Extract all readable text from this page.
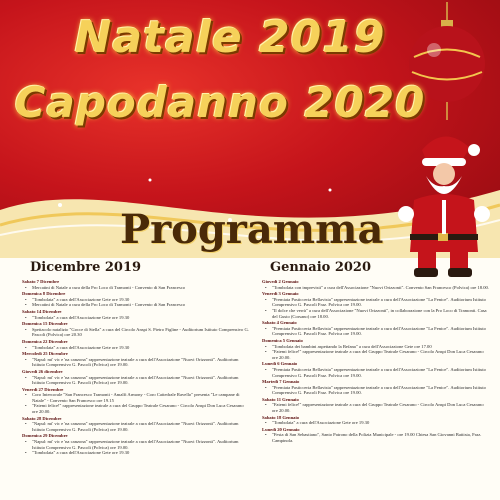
Natale 2019
Capodanno 2020
Programma
Dicembre 2019	Gennaio 2020
Sabato 7 Dicembre
• Mercatini di Natale a cura della Pro Loco di Tramonti - Convento di San Francesco
Domenica 8 Dicembre
• "Tombolata" a cura dell'Associazione Gete ore 19.30
• Mercatini di Natale a cura della Pro Loco di Tramonti - Convento di San Francesco
Sabato 14 Dicembre
• "Tombolata" a cura dell'Associazione Gete ore 19.30
Domenica 15 Dicembre
• Spettacolo natalizio "Gocce di Stella" a cura del Circolo Anspi S. Pietro Figline - Auditorium Istituto Comprensivo G. Pascoli (Polvica) ore 20.30
Domenica 22 Dicembre
• "Tombolata" a cura dell'Associazione Gete ore 19.30
Mercoledì 25 Dicembre
• "Napul: mi' vic e 'na canzona" rappresentazione teatrale a cura dell'Associazione "Nuovi Orizzonti". Auditorium Istituto Comprensivo G. Pascoli (Polvica) ore 19.00.
Giovedì 26 dicembre
• "Napul: mi' vic e 'na canzona" rappresentazione teatrale a cura dell'Associazione "Nuovi Orizzonti". Auditorium Istituto Comprensivo G. Pascoli (Polvica) ore 19.00.
Venerdì 27 Dicembre
• Coro Intercorale "San Francesco Tramonti - Amalfi Armony - Coro Cattedrale Ravello" presenta "Le campane di Natale" - Convento San Francesco ore 19.15
• "Fatemi felice!" rappresentazione teatrale a cura del Gruppo Teatrale Cesarano - Circolo Anspi Don Luca Cesarano ore 20.00.
Sabato 28 Dicembre
• "Napul: mi' vic e 'na canzona" rappresentazione teatrale a cura dell'Associazione "Nuovi Orizzonti". Auditorium Istituto Comprensivo G. Pascoli (Polvica) ore 19.00.
Domenica 29 Dicembre
• "Napul: mi' vic e 'na canzona" rappresentazione teatrale a cura dell'Associazione "Nuovi Orizzonti". Auditorium Istituto Comprensivo G. Pascoli (Polvica) ore 19.00.
• "Tombolata" a cura dell'Associazione Gete ore 19.30
Giovedì 2 Gennaio
• "Tombolata con imprevisti" a cura dell'Associazione "Nuovi Orizzonti". Convento San Francesco (Polvica) ore 18.00.
Venerdì 3 Gennaio
• "Premiata Pasticceria Bellavista" rappresentazione teatrale a cura dell'Associazione "La Fenice". Auditorium Istituto Comprensivo G. Pascoli Fraz. Polvica ore 19.00.
• "Il dolce che verrà" a cura dell'Associazione "Nuovi Orizzonti", in collaborazione con la Pro Loco di Tramonti. Casa del Gusto (Corsano) ore 18.00.
Sabato 4 Gennaio
• "Premiata Pasticceria Bellavista" rappresentazione teatrale a cura dell'Associazione "La Fenice". Auditorium Istituto Comprensivo G. Pascoli Fraz. Polvica ore 19.00.
Domenica 5 Gennaio
• "Tombolata dei bambini aspettando la Befana" a cura dell'Associazione Gete ore 17.00
• "Fatemi felice!" rappresentazione teatrale a cura del Gruppo Teatrale Cesarano - Circolo Anspi Don Luca Cesarano ore 20.00.
Lunedì 6 Gennaio
• "Premiata Pasticceria Bellavista" rappresentazione teatrale a cura dell'Associazione "La Fenice". Auditorium Istituto Comprensivo G. Pascoli Fraz. Polvica ore 19.00.
Martedì 7 Gennaio
• "Premiata Pasticceria Bellavista" rappresentazione teatrale a cura dell'Associazione "La Fenice". Auditorium Istituto Comprensivo G. Pascoli Fraz. Polvica ore 19.00.
Sabato 11 Gennaio
• "Fatemi felice!" rappresentazione teatrale a cura del Gruppo Teatrale Cesarano - Circolo Anspi Don Luca Cesarano ore 20.00.
Sabato 18 Gennaio
• "Tombolata" a cura dell'Associazione Gete ore 19.30
Lunedì 20 Gennaio
• "Festa di San Sebastiano", Santo Patrono della Polizia Municipale - ore 19.00 Chiesa San Giovanni Battista, Fraz. Campinola.
